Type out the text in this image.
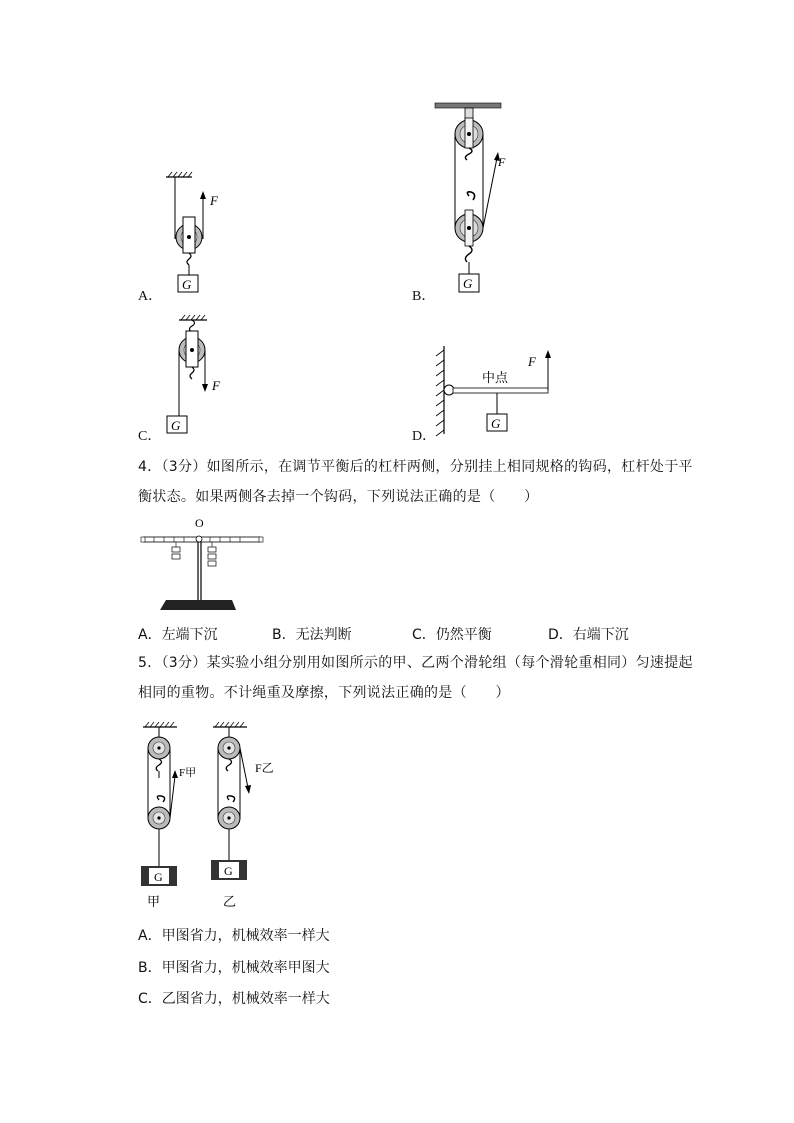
F
G
A．
F
G
B．
F
G
C．
中点
F
G
D．
4．（3分）如图所示，在调节平衡后的杠杆两侧，分别挂上相同规格的钩码，杠杆处于平
衡状态。如果两侧各去掉一个钩码，下列说法正确的是（　　）
O
A．左端下沉	B．无法判断	C．仍然平衡	D．右端下沉
5．（3分）某实验小组分别用如图所示的甲、乙两个滑轮组（每个滑轮重相同）匀速提起
相同的重物。不计绳重及摩擦，下列说法正确的是（　　）
F甲
G
甲
F乙
G
乙
A．甲图省力，机械效率一样大
B．甲图省力，机械效率甲图大
C．乙图省力，机械效率一样大
